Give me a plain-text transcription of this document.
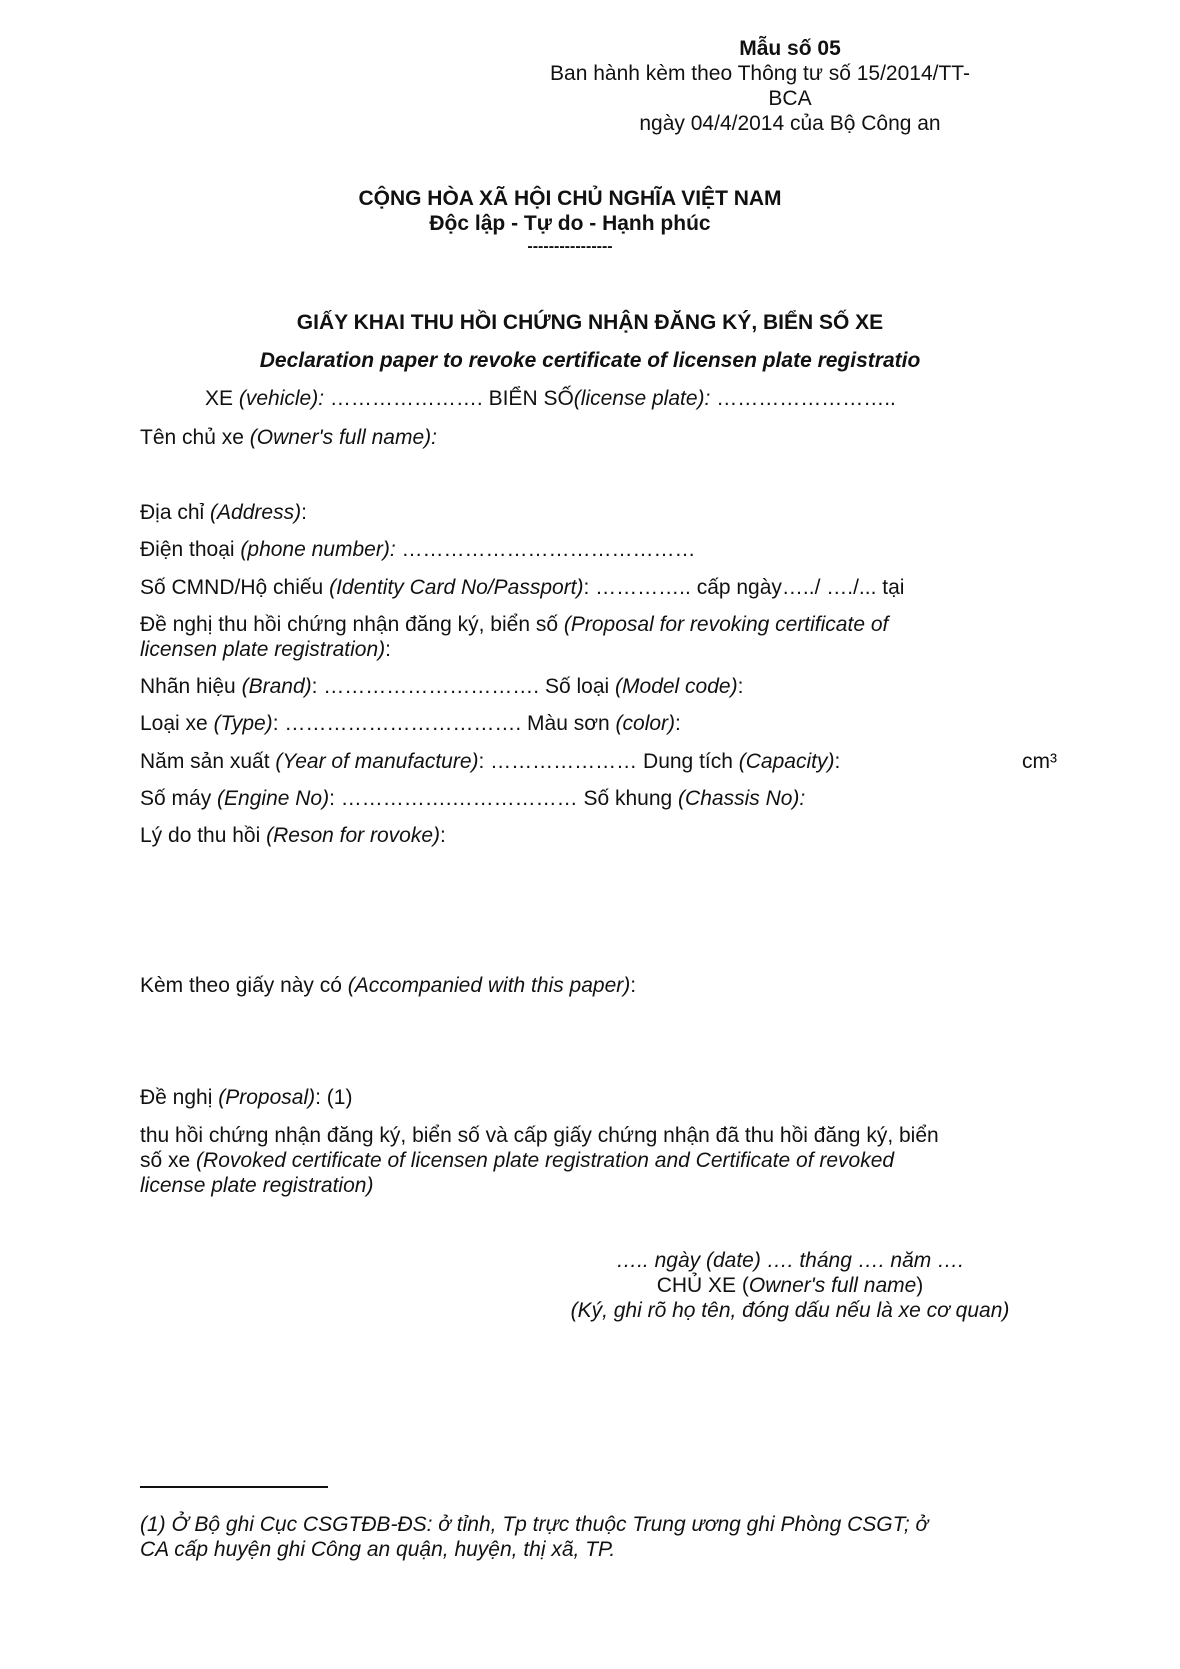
Mẫu số 05
Ban hành kèm theo Thông tư số 15/2014/TT-
BCA
ngày 04/4/2014 của Bộ Công an
CỘNG HÒA XÃ HỘI CHỦ NGHĨA VIỆT NAM
Độc lập - Tự do - Hạnh phúc
----------------
GIẤY KHAI THU HỒI CHỨNG NHẬN ĐĂNG KÝ, BIỂN SỐ XE
Declaration paper to revoke certificate of licensen plate registratio
XE (vehicle): …………………. BIỂN SỐ(license plate): ……………………..
Tên chủ xe (Owner's full name):
Địa chỉ (Address):
Điện thoại (phone number): ……………………………………
Số CMND/Hộ chiếu (Identity Card No/Passport): ………….. cấp ngày…../ …./... tại
Đề nghị thu hồi chứng nhận đăng ký, biển số (Proposal for revoking certificate of
licensen plate registration):
Nhãn hiệu (Brand): …………………………. Số loại (Model code):
Loại xe (Type): ……………………………. Màu sơn (color):
Năm sản xuất (Year of manufacture): ………………… Dung tích (Capacity):	cm³
Số máy (Engine No): …………….……………… Số khung (Chassis No):
Lý do thu hồi (Reson for rovoke):
Kèm theo giấy này có (Accompanied with this paper):
Đề nghị (Proposal): (1)
thu hồi chứng nhận đăng ký, biển số và cấp giấy chứng nhận đã thu hồi đăng ký, biển
số xe (Rovoked certificate of licensen plate registration and Certificate of revoked
license plate registration)
….. ngày (date) …. tháng …. năm ….
CHỦ XE (Owner's full name)
(Ký, ghi rõ họ tên, đóng dấu nếu là xe cơ quan)
(1) Ở Bộ ghi Cục CSGTĐB-ĐS: ở tỉnh, Tp trực thuộc Trung ương ghi Phòng CSGT; ở
CA cấp huyện ghi Công an quận, huyện, thị xã, TP.
